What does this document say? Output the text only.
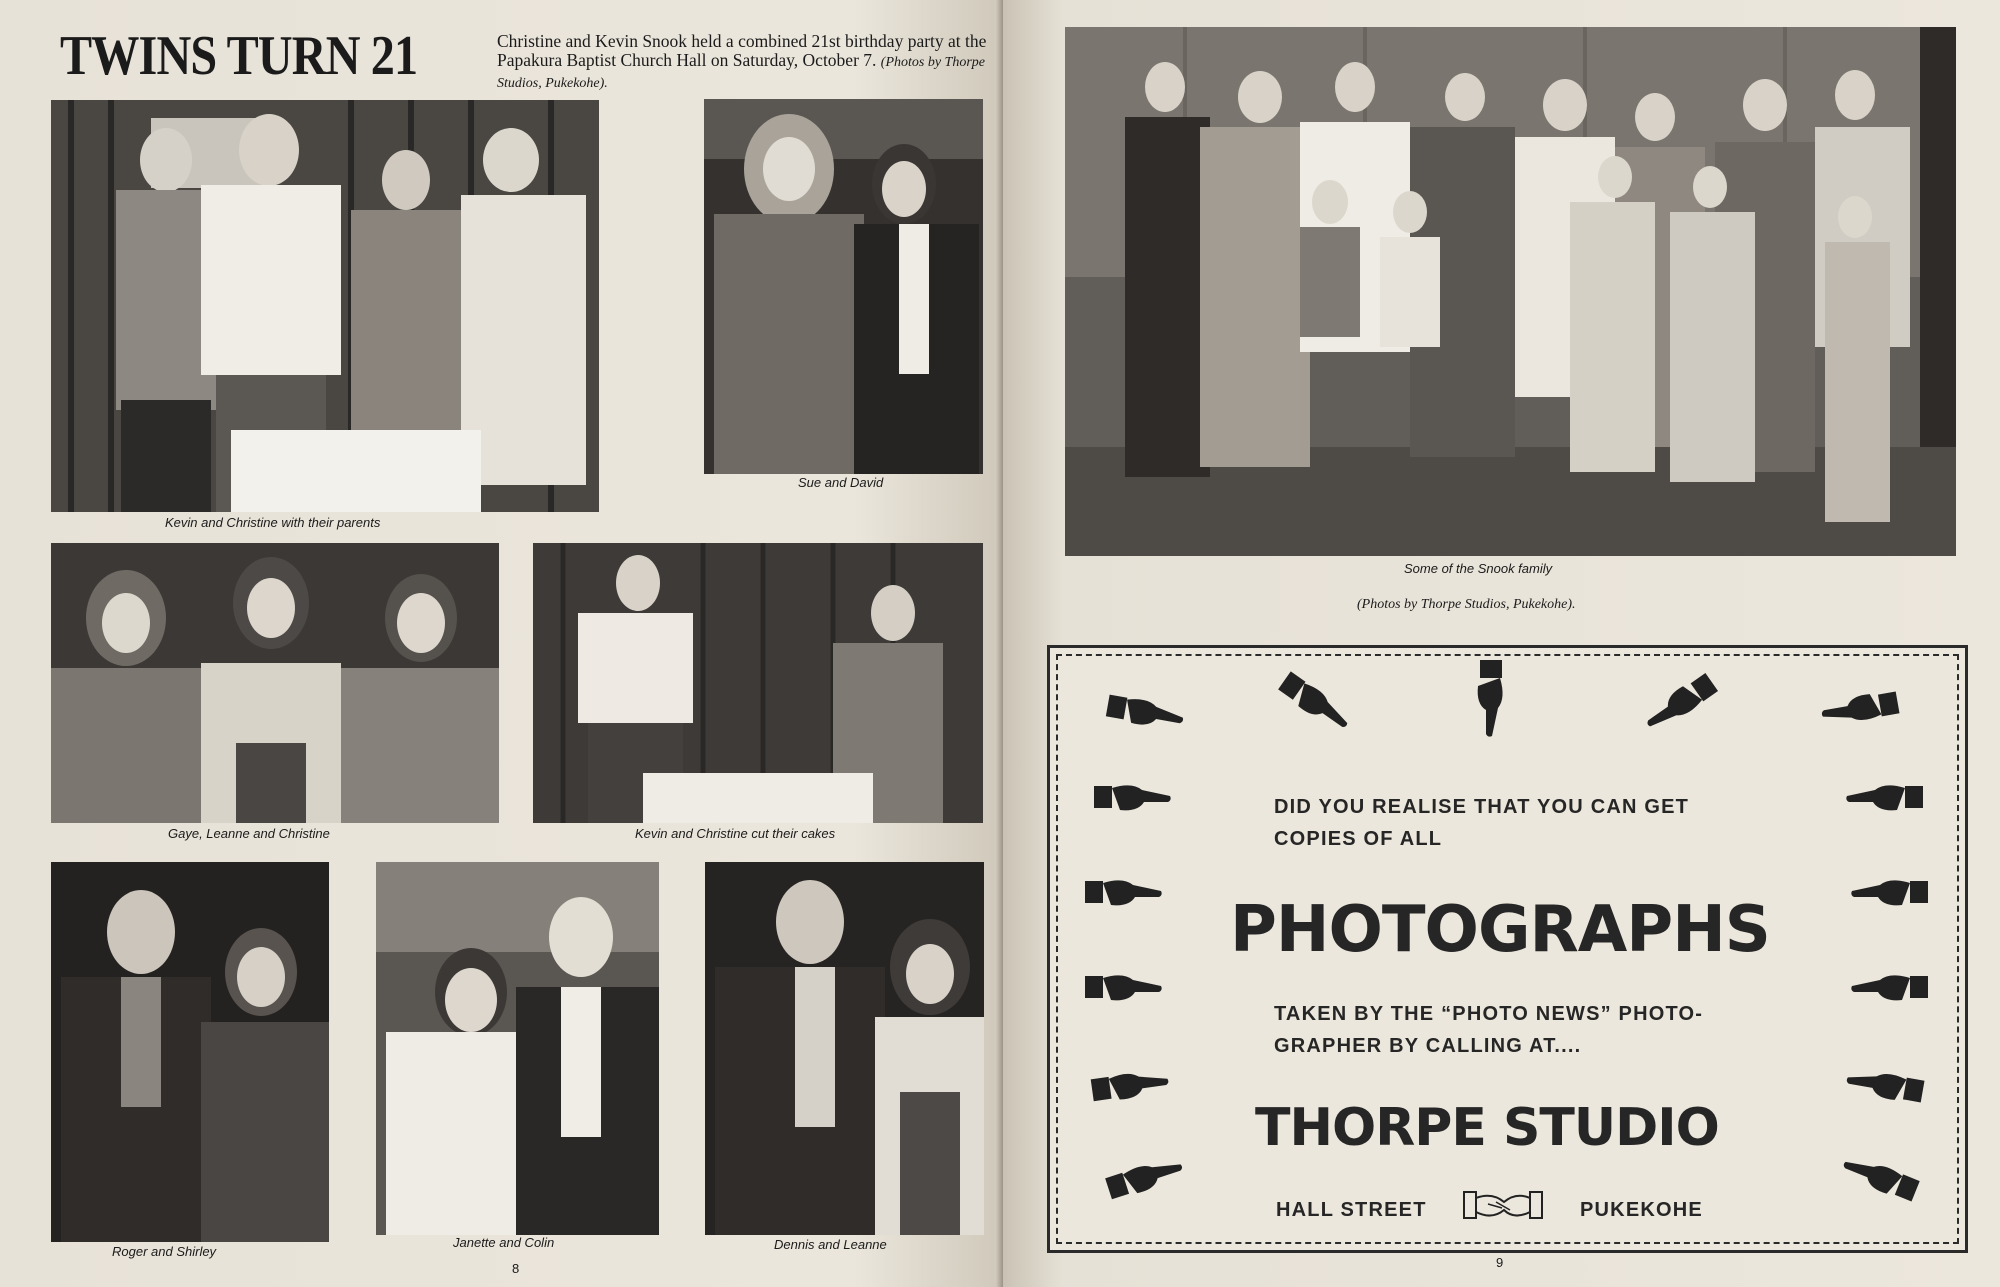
TWINS TURN 21	Christine and Kevin Snook held a combined 21st birthday party at the Papakura Baptist Church Hall on Saturday, October 7. (Photos by Thorpe Studios, Pukekohe).
Kevin and Christine with their parents
Sue and David
Gaye, Leanne and Christine	Kevin and Christine cut their cakes
Roger and Shirley
Janette and Colin	Dennis and Leanne
8
Some of the Snook family
(Photos by Thorpe Studios, Pukekohe).
9
DID YOU REALISE THAT YOU CAN GET
COPIES OF ALL
PHOTOGRAPHS
TAKEN BY THE “PHOTO NEWS” PHOTO-
GRAPHER BY CALLING AT....
THORPE STUDIO
HALL STREET	PUKEKOHE
